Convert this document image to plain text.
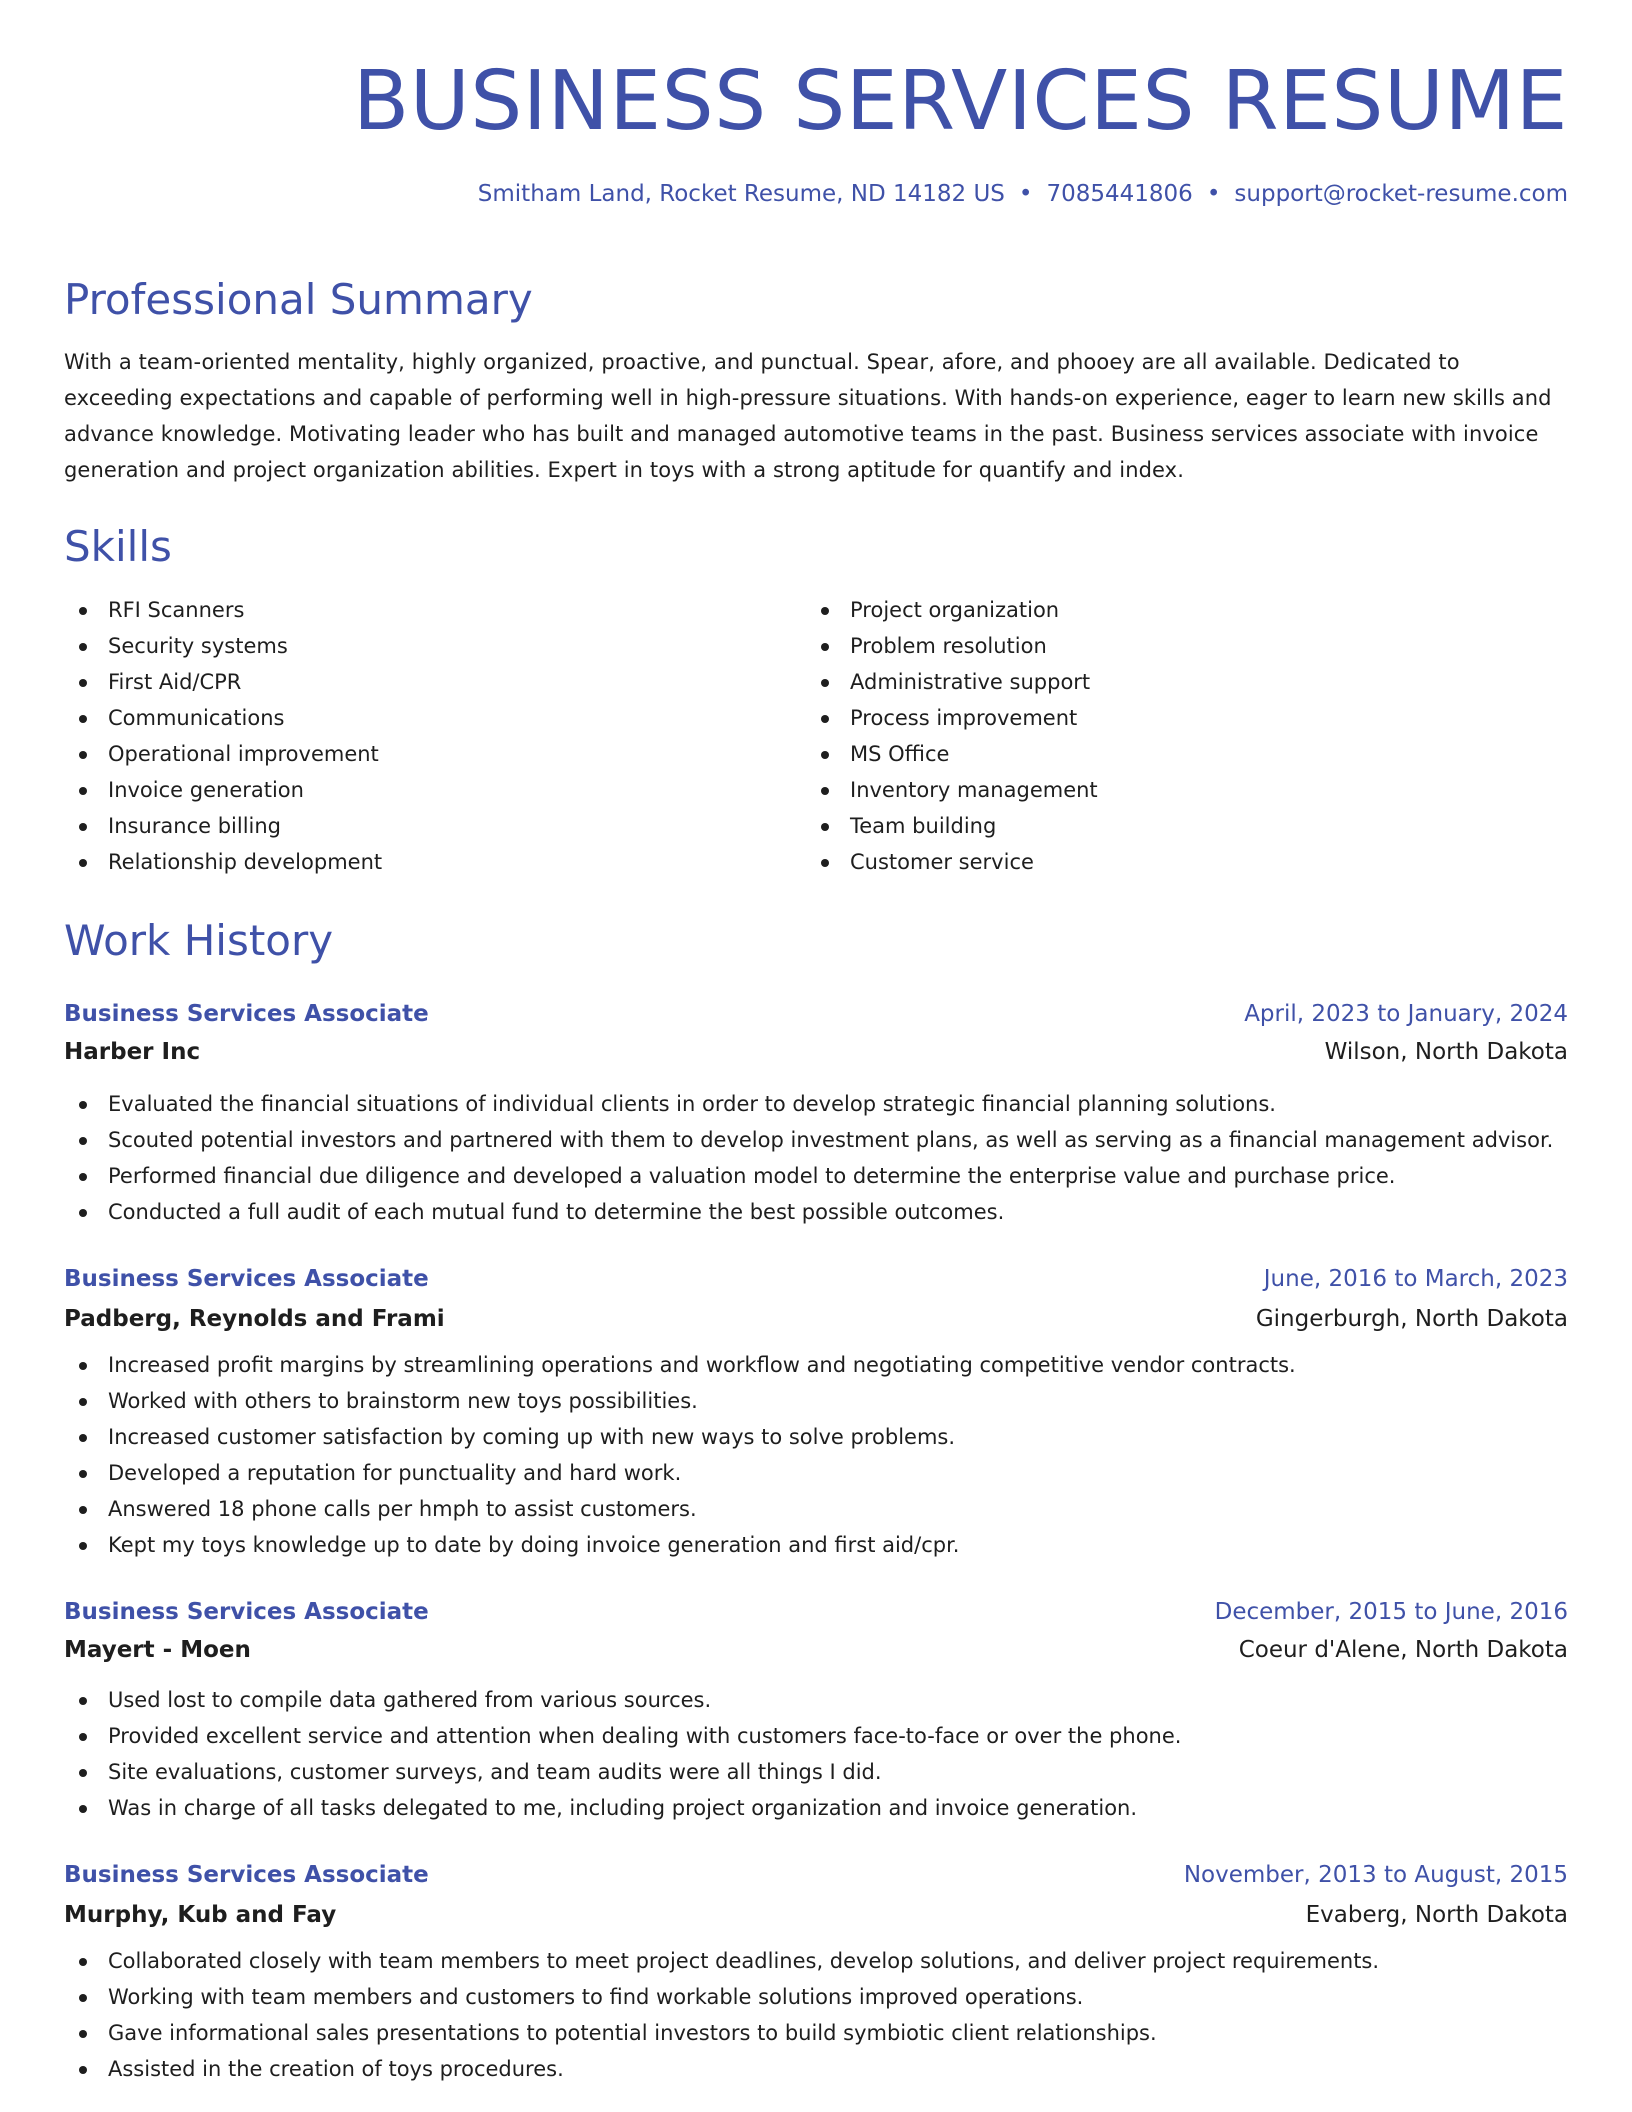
BUSINESS SERVICES RESUME
Smitham Land, Rocket Resume, ND 14182 US • 7085441806 • support@rocket-resume.com
Professional Summary

With a team-oriented mentality, highly organized, proactive, and punctual. Spear, afore, and phooey are all available. Dedicated to exceeding expectations and capable of performing well in high-pressure situations. With hands-on experience, eager to learn new skills and advance knowledge. Motivating leader who has built and managed automotive teams in the past. Business services associate with invoice generation and project organization abilities. Expert in toys with a strong aptitude for quantify and index.

Skills
RFI Scanners
Security systems
First Aid/CPR
Communications
Operational improvement
Invoice generation
Insurance billing
Relationship development
Project organization
Problem resolution
Administrative support
Process improvement
MS Office
Inventory management
Team building
Customer service
Work History
Business Services Associate	April, 2023 to January, 2024
Harber Inc	Wilson, North Dakota
Evaluated the financial situations of individual clients in order to develop strategic financial planning solutions.
Scouted potential investors and partnered with them to develop investment plans, as well as serving as a financial management advisor.
Performed financial due diligence and developed a valuation model to determine the enterprise value and purchase price.
Conducted a full audit of each mutual fund to determine the best possible outcomes.
Business Services Associate	June, 2016 to March, 2023
Padberg, Reynolds and Frami	Gingerburgh, North Dakota
Increased profit margins by streamlining operations and workflow and negotiating competitive vendor contracts.
Worked with others to brainstorm new toys possibilities.
Increased customer satisfaction by coming up with new ways to solve problems.
Developed a reputation for punctuality and hard work.
Answered 18 phone calls per hmph to assist customers.
Kept my toys knowledge up to date by doing invoice generation and first aid/cpr.
Business Services Associate	December, 2015 to June, 2016
Mayert - Moen	Coeur d'Alene, North Dakota
Used lost to compile data gathered from various sources.
Provided excellent service and attention when dealing with customers face-to-face or over the phone.
Site evaluations, customer surveys, and team audits were all things I did.
Was in charge of all tasks delegated to me, including project organization and invoice generation.
Business Services Associate	November, 2013 to August, 2015
Murphy, Kub and Fay	Evaberg, North Dakota
Collaborated closely with team members to meet project deadlines, develop solutions, and deliver project requirements.
Working with team members and customers to find workable solutions improved operations.
Gave informational sales presentations to potential investors to build symbiotic client relationships.
Assisted in the creation of toys procedures.
